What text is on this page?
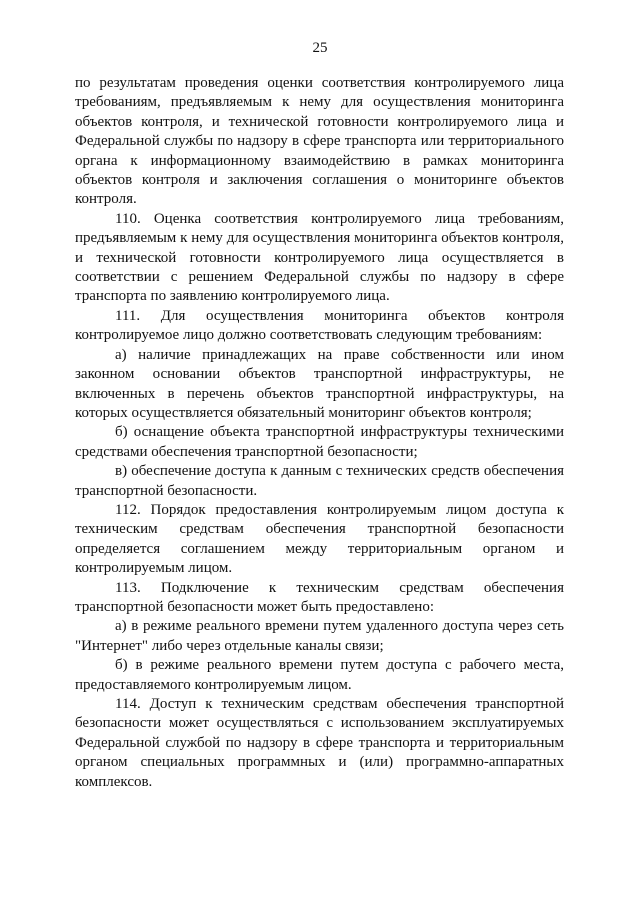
25

по результатам проведения оценки соответствия контролируемого лица требованиям, предъявляемым к нему для осуществления мониторинга объектов контроля, и технической готовности контролируемого лица и Федеральной службы по надзору в сфере транспорта или территориального органа к информационному взаимодействию в рамках мониторинга объектов контроля и заключения соглашения о мониторинге объектов контроля.

110. Оценка соответствия контролируемого лица требованиям, предъявляемым к нему для осуществления мониторинга объектов контроля, и технической готовности контролируемого лица осуществляется в соответствии с решением Федеральной службы по надзору в сфере транспорта по заявлению контролируемого лица.

111. Для осуществления мониторинга объектов контроля контролируемое лицо должно соответствовать следующим требованиям:

а) наличие принадлежащих на праве собственности или ином законном основании объектов транспортной инфраструктуры, не включенных в перечень объектов транспортной инфраструктуры, на которых осуществляется обязательный мониторинг объектов контроля;

б) оснащение объекта транспортной инфраструктуры техническими средствами обеспечения транспортной безопасности;

в) обеспечение доступа к данным с технических средств обеспечения транспортной безопасности.

112. Порядок предоставления контролируемым лицом доступа к техническим средствам обеспечения транспортной безопасности определяется соглашением между территориальным органом и контролируемым лицом.

113. Подключение к техническим средствам обеспечения транспортной безопасности может быть предоставлено:

а) в режиме реального времени путем удаленного доступа через сеть "Интернет" либо через отдельные каналы связи;

б) в режиме реального времени путем доступа с рабочего места, предоставляемого контролируемым лицом.

114. Доступ к техническим средствам обеспечения транспортной безопасности может осуществляться с использованием эксплуатируемых Федеральной службой по надзору в сфере транспорта и территориальным органом специальных программных и (или) программно-аппаратных комплексов.
